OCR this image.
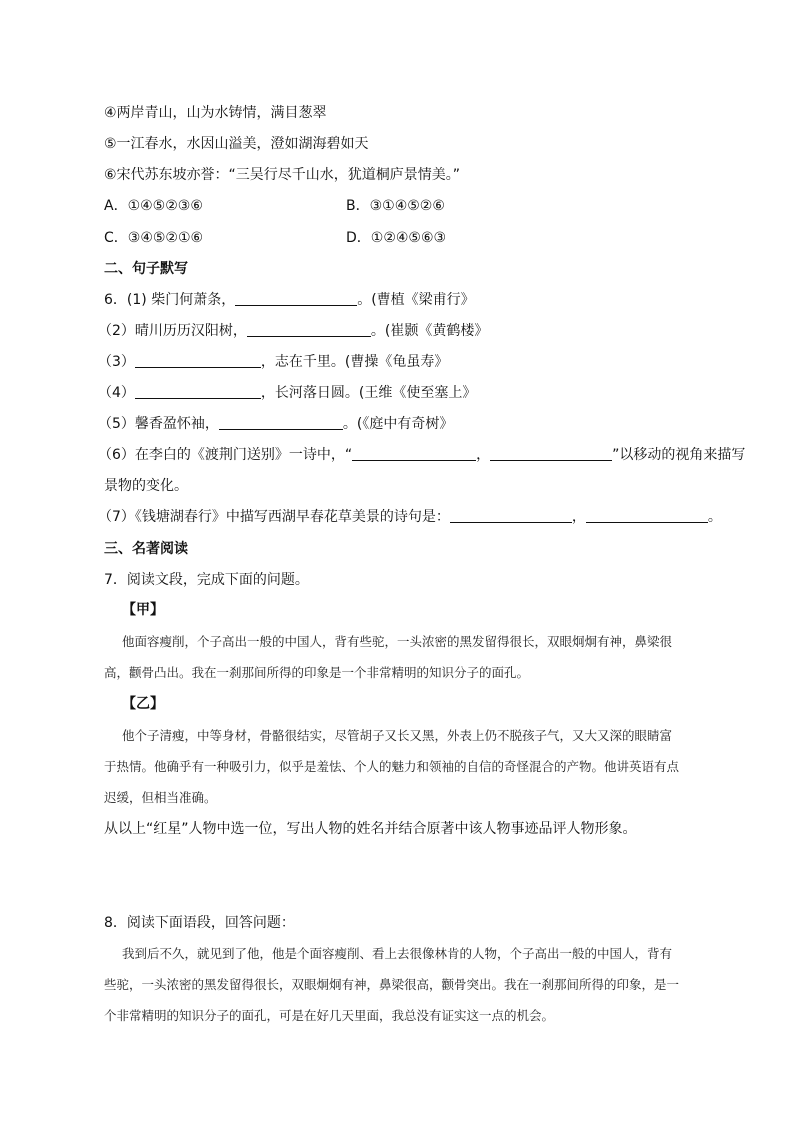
④两岸青山，山为水铸情，满目葱翠
⑤一江春水，水因山溢美，澄如湖海碧如天
⑥宋代苏东坡亦誉：“三吴行尽千山水，犹道桐庐景情美。”
A．①④⑤②③⑥	B．③①④⑤②⑥
C．③④⑤②①⑥	D．①②④⑤⑥③
二、句子默写
6．(1) 柴门何萧条，	。(曹植《梁甫行》
（2）晴川历历汉阳树，	。(崔颢《黄鹤楼》
（3）	，志在千里。(曹操《龟虽寿》
（4）	，长河落日圆。(王维《使至塞上》
（5）馨香盈怀袖，	。(《庭中有奇树》
（6）在李白的《渡荆门送别》一诗中，“	，	”以移动的视角来描写
景物的变化。
（7）《钱塘湖春行》中描写西湖早春花草美景的诗句是：	，	。
三、名著阅读
7．阅读文段，完成下面的问题。
【甲】
他面容瘦削，个子高出一般的中国人，背有些驼，一头浓密的黑发留得很长，双眼炯炯有神，鼻梁很
高，颧骨凸出。我在一刹那间所得的印象是一个非常精明的知识分子的面孔。
【乙】
他个子清瘦，中等身材，骨骼很结实，尽管胡子又长又黑，外表上仍不脱孩子气，又大又深的眼睛富
于热情。他确乎有一种吸引力，似乎是羞怯、个人的魅力和领袖的自信的奇怪混合的产物。他讲英语有点
迟缓，但相当准确。
从以上“红星”人物中选一位，写出人物的姓名并结合原著中该人物事迹品评人物形象。
8．阅读下面语段，回答问题：
我到后不久，就见到了他，他是个面容瘦削、看上去很像林肯的人物，个子高出一般的中国人，背有
些驼，一头浓密的黑发留得很长，双眼炯炯有神，鼻梁很高，颧骨突出。我在一刹那间所得的印象，是一
个非常精明的知识分子的面孔，可是在好几天里面，我总没有证实这一点的机会。
